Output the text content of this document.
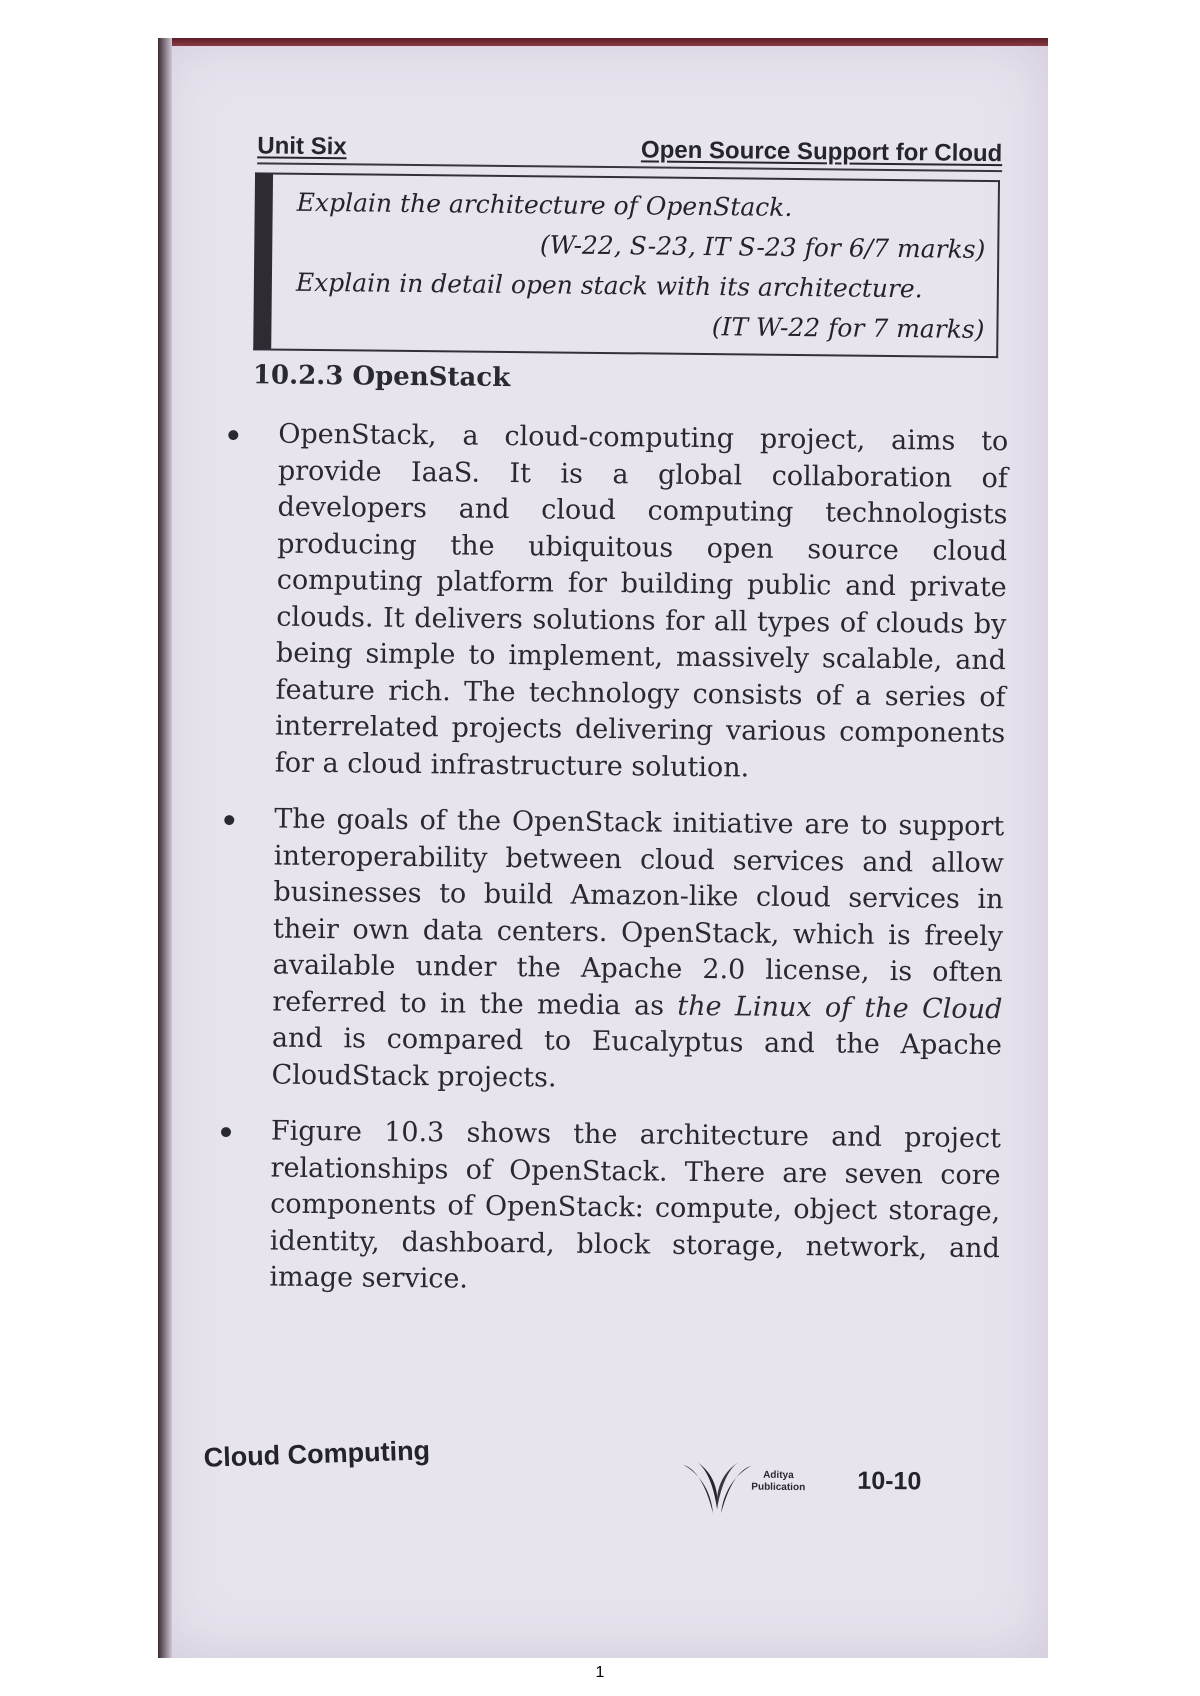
Unit Six	Open Source Support for Cloud
Explain the architecture of OpenStack.
(W-22, S-23, IT S-23 for 6/7 marks)
Explain in detail open stack with its architecture.
(IT W-22 for 7 marks)
10.2.3 OpenStack
OpenStack, a cloud-computing project, aims to provide IaaS. It is a global collaboration of developers and cloud computing technologists producing the ubiquitous open source cloud computing platform for building public and private clouds. It delivers solutions for all types of clouds by being simple to implement, massively scalable, and feature rich. The technology consists of a series of interrelated projects delivering various components for a cloud infrastructure solution.
The goals of the OpenStack initiative are to support interoperability between cloud services and allow businesses to build Amazon-like cloud services in their own data centers. OpenStack, which is freely available under the Apache 2.0 license, is often referred to in the media as the Linux of the Cloud and is compared to Eucalyptus and the Apache CloudStack projects.
Figure 10.3 shows the architecture and project relationships of OpenStack. There are seven core components of OpenStack: compute, object storage, identity, dashboard, block storage, network, and image service.
Cloud Computing
Aditya
Publication 10-10
1
